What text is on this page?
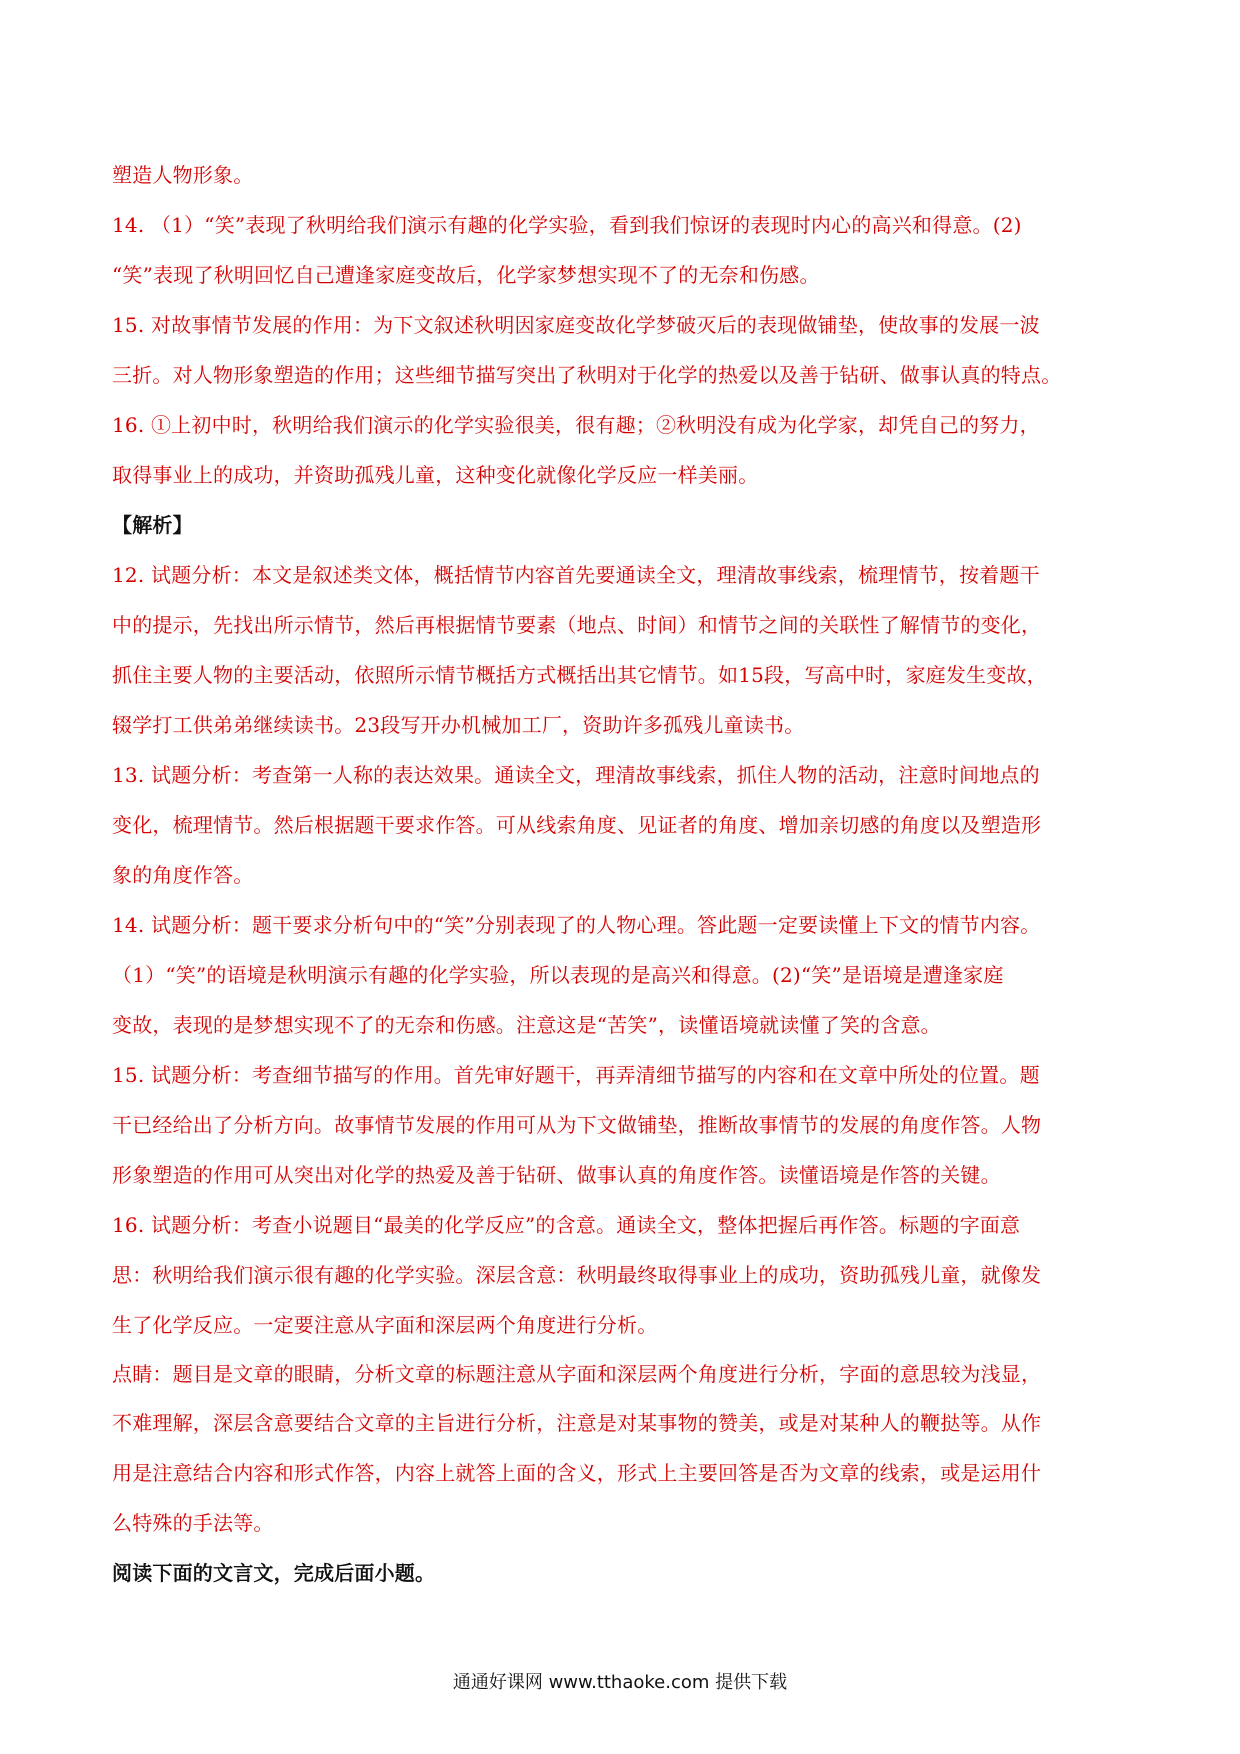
塑造人物形象。
14. （1）“笑”表现了秋明给我们演示有趣的化学实验，看到我们惊讶的表现时内心的高兴和得意。(2)
“笑”表现了秋明回忆自己遭逢家庭变故后，化学家梦想实现不了的无奈和伤感。
15. 对故事情节发展的作用：为下文叙述秋明因家庭变故化学梦破灭后的表现做铺垫，使故事的发展一波
三折。对人物形象塑造的作用；这些细节描写突出了秋明对于化学的热爱以及善于钻研、做事认真的特点。
16. ①上初中时，秋明给我们演示的化学实验很美，很有趣；②秋明没有成为化学家，却凭自己的努力，
取得事业上的成功，并资助孤残儿童，这种变化就像化学反应一样美丽。
【解析】
12. 试题分析：本文是叙述类文体，概括情节内容首先要通读全文，理清故事线索，梳理情节，按着题干
中的提示，先找出所示情节，然后再根据情节要素（地点、时间）和情节之间的关联性了解情节的变化，
抓住主要人物的主要活动，依照所示情节概括方式概括出其它情节。如15段，写高中时，家庭发生变故，
辍学打工供弟弟继续读书。23段写开办机械加工厂，资助许多孤残儿童读书。
13. 试题分析：考查第一人称的表达效果。通读全文，理清故事线索，抓住人物的活动，注意时间地点的
变化，梳理情节。然后根据题干要求作答。可从线索角度、见证者的角度、增加亲切感的角度以及塑造形
象的角度作答。
14. 试题分析：题干要求分析句中的“笑”分别表现了的人物心理。答此题一定要读懂上下文的情节内容。
（1）“笑”的语境是秋明演示有趣的化学实验，所以表现的是高兴和得意。(2)“笑”是语境是遭逢家庭
变故，表现的是梦想实现不了的无奈和伤感。注意这是“苦笑”，读懂语境就读懂了笑的含意。
15. 试题分析：考查细节描写的作用。首先审好题干，再弄清细节描写的内容和在文章中所处的位置。题
干已经给出了分析方向。故事情节发展的作用可从为下文做铺垫，推断故事情节的发展的角度作答。人物
形象塑造的作用可从突出对化学的热爱及善于钻研、做事认真的角度作答。读懂语境是作答的关键。
16. 试题分析：考查小说题目“最美的化学反应”的含意。通读全文，整体把握后再作答。标题的字面意
思：秋明给我们演示很有趣的化学实验。深层含意：秋明最终取得事业上的成功，资助孤残儿童，就像发
生了化学反应。一定要注意从字面和深层两个角度进行分析。
点睛：题目是文章的眼睛，分析文章的标题注意从字面和深层两个角度进行分析，字面的意思较为浅显，
不难理解，深层含意要结合文章的主旨进行分析，注意是对某事物的赞美，或是对某种人的鞭挞等。从作
用是注意结合内容和形式作答，内容上就答上面的含义，形式上主要回答是否为文章的线索，或是运用什
么特殊的手法等。
阅读下面的文言文，完成后面小题。
通通好课网 www.tthaoke.com 提供下载
